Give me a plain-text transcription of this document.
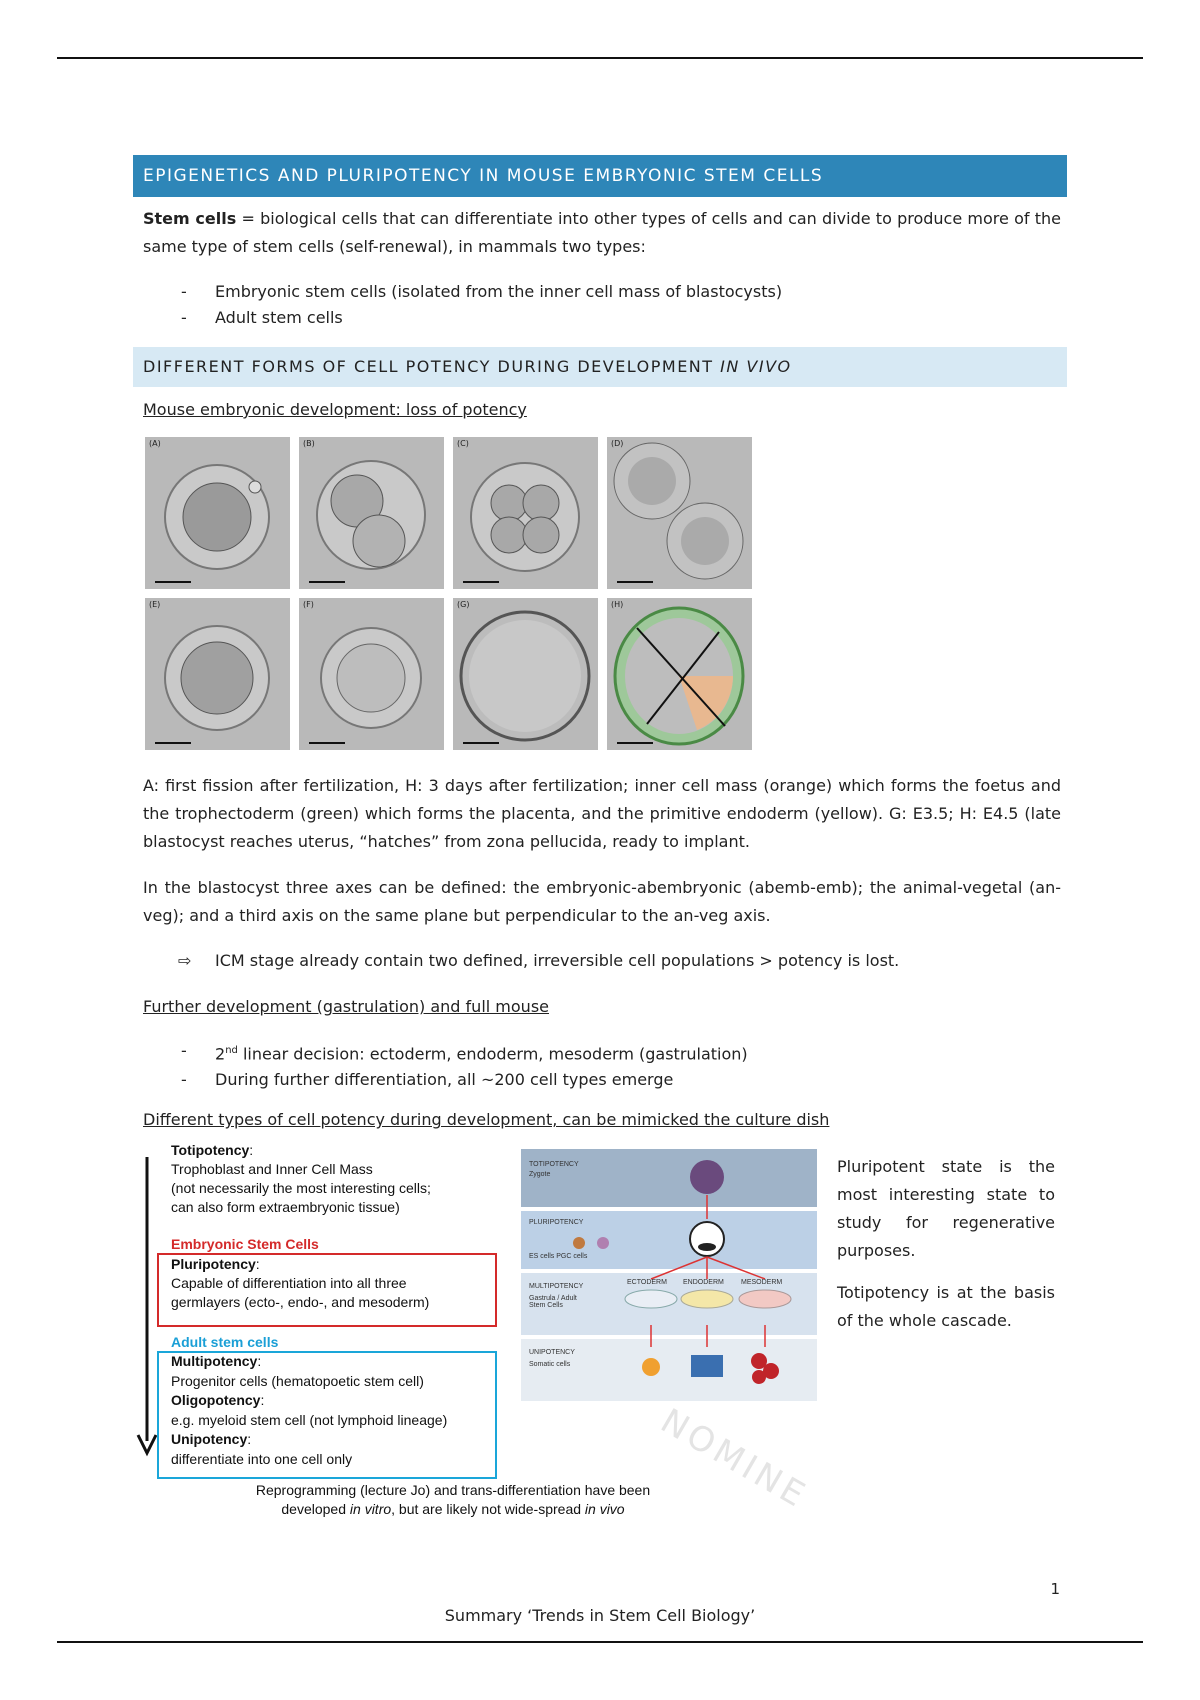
EPIGENETICS AND PLURIPOTENCY IN MOUSE EMBRYONIC STEM CELLS

Stem cells = biological cells that can differentiate into other types of cells and can divide to produce more of the same type of stem cells (self-renewal), in mammals two types:

- Embryonic stem cells (isolated from the inner cell mass of blastocysts)
- Adult stem cells
DIFFERENT FORMS OF CELL POTENCY DURING DEVELOPMENT IN VIVO
Mouse embryonic development: loss of potency
(A)	(B)	(C)	(D)
(E)	(F)	(G)	(H)

A: first fission after fertilization, H: 3 days after fertilization; inner cell mass (orange) which forms the foetus and the trophectoderm (green) which forms the placenta, and the primitive endoderm (yellow). G: E3.5; H: E4.5 (late blastocyst reaches uterus, “hatches” from zona pellucida, ready to implant.

In the blastocyst three axes can be defined: the embryonic-abembryonic (abemb-emb); the animal-vegetal (an-veg); and a third axis on the same plane but perpendicular to the an-veg axis.

⇨ ICM stage already contain two defined, irreversible cell populations > potency is lost.
Further development (gastrulation) and full mouse
- 2nd linear decision: ectoderm, endoderm, mesoderm (gastrulation)
- During further differentiation, all ~200 cell types emerge
Different types of cell potency during development, can be mimicked the culture dish
Totipotency:
Trophoblast and Inner Cell Mass
(not necessarily the most interesting cells;
can also form extraembryonic tissue)
Embryonic Stem Cells
Pluripotency:
Capable of differentiation into all three
germlayers (ecto-, endo-, and mesoderm)
Adult stem cells
Multipotency:
Progenitor cells (hematopoetic stem cell)
Oligopotency:
e.g. myeloid stem cell (not lymphoid lineage)
Unipotency:
differentiate into one cell only
Reprogramming (lecture Jo) and trans-differentiation have been
developed in vitro, but are likely not wide-spread in vivo
TOTIPOTENCY
Zygote
PLURIPOTENCY
ES cells PGC cells
MULTIPOTENCY
Gastrula / Adult Stem Cells
ECTODERM ENDODERM MESODERM
UNIPOTENCY
Somatic cells
NOMINE
Pluripotent state is the most interesting state to study for regenerative purposes.
Totipotency is at the basis of the whole cascade.
1
Summary ‘Trends in Stem Cell Biology’
